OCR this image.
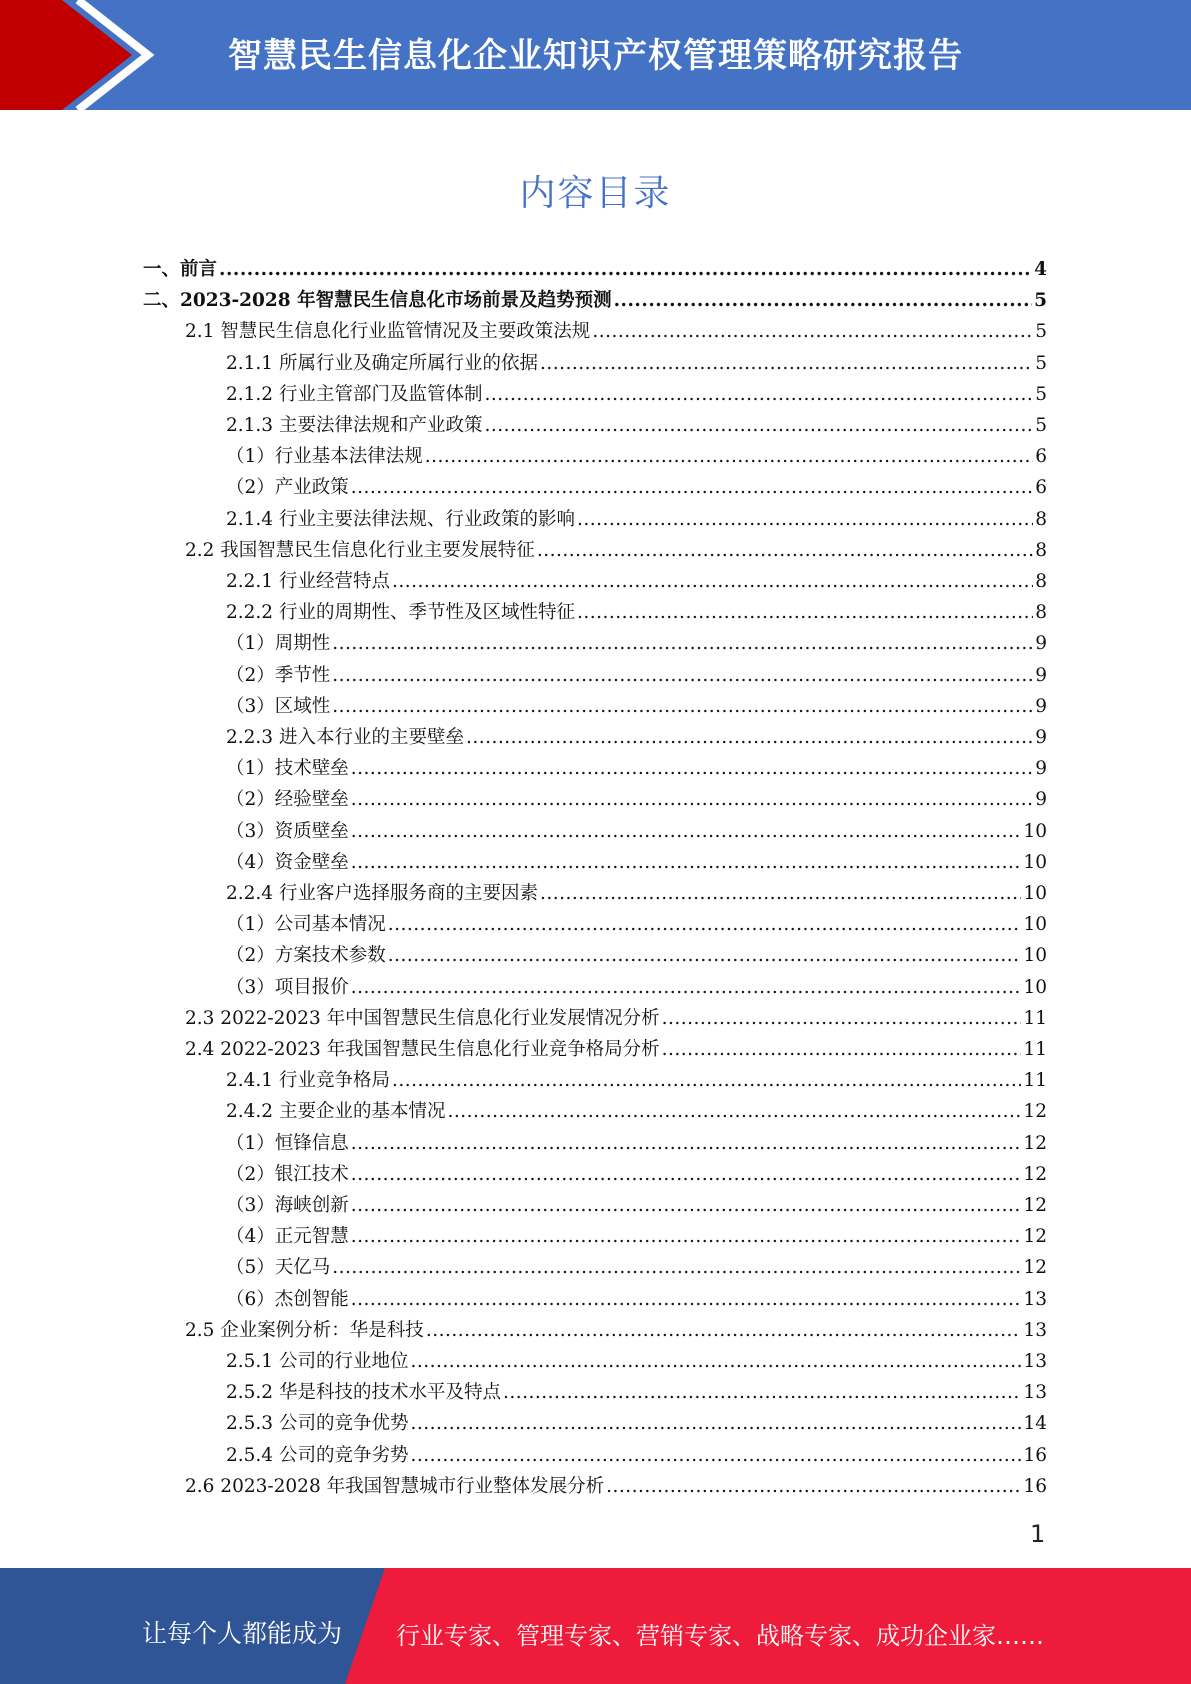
智慧民生信息化企业知识产权管理策略研究报告
内容目录
一、前言 .....	4
二、2023-2028 年智慧民生信息化市场前景及趋势预测 .....	5
2.1 智慧民生信息化行业监管情况及主要政策法规 .....	5
2.1.1 所属行业及确定所属行业的依据 .....	5
2.1.2 行业主管部门及监管体制 .....	5
2.1.3 主要法律法规和产业政策 .....	5
（1）行业基本法律法规 .....	6
（2）产业政策 .....	6
2.1.4 行业主要法律法规、行业政策的影响 .....	8
2.2 我国智慧民生信息化行业主要发展特征 .....	8
2.2.1 行业经营特点 .....	8
2.2.2 行业的周期性、季节性及区域性特征 .....	8
（1）周期性 .....	9
（2）季节性 .....	9
（3）区域性 .....	9
2.2.3 进入本行业的主要壁垒 .....	9
（1）技术壁垒 .....	9
（2）经验壁垒 .....	9
（3）资质壁垒 .....	10
（4）资金壁垒 .....	10
2.2.4 行业客户选择服务商的主要因素 .....	10
（1）公司基本情况 .....	10
（2）方案技术参数 .....	10
（3）项目报价 .....	10
2.3 2022-2023 年中国智慧民生信息化行业发展情况分析 .....	11
2.4 2022-2023 年我国智慧民生信息化行业竞争格局分析 .....	11
2.4.1 行业竞争格局 .....	11
2.4.2 主要企业的基本情况 .....	12
（1）恒锋信息 .....	12
（2）银江技术 .....	12
（3）海峡创新 .....	12
（4）正元智慧 .....	12
（5）天亿马 .....	12
（6）杰创智能 .....	13
2.5 企业案例分析：华是科技 .....	13
2.5.1 公司的行业地位 .....	13
2.5.2 华是科技的技术水平及特点 .....	13
2.5.3 公司的竞争优势 .....	14
2.5.4 公司的竞争劣势 .....	16
2.6 2023-2028 年我国智慧城市行业整体发展分析 .....	16
1
让每个人都能成为 行业专家、管理专家、营销专家、战略专家、成功企业家……
